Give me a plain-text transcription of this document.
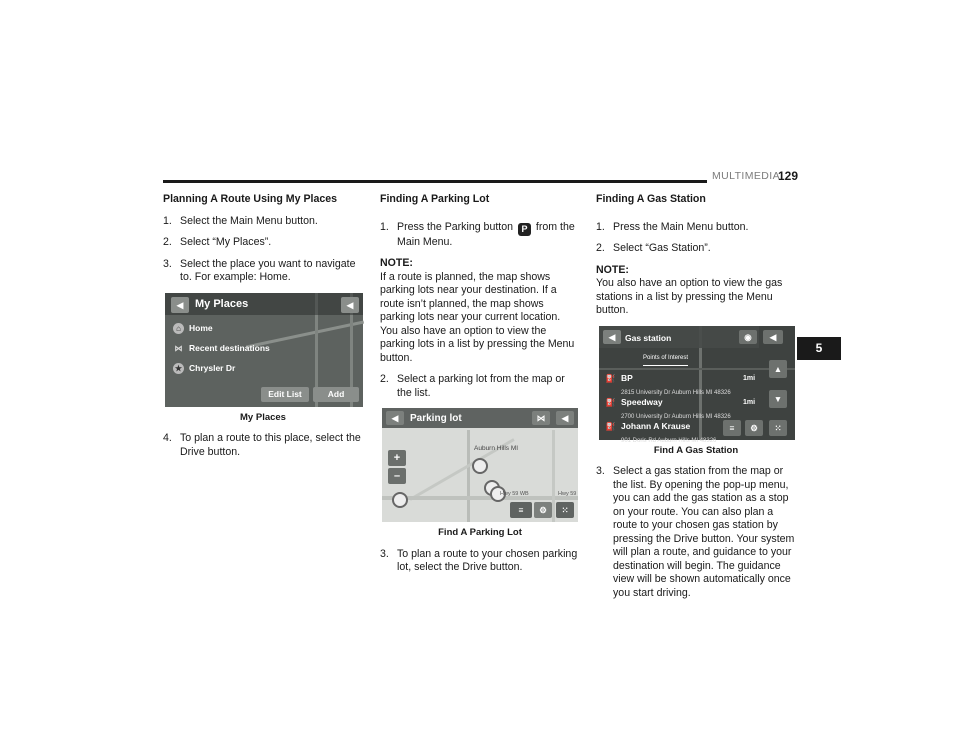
MULTIMEDIA
129
5

Planning A Route Using My Places

1. Select the Main Menu button.

2. Select “My Places”.

3. Select the place you want to navigate to. For example: Home.

◀	My Places	◀
⌂ Home
⋈ Recent destinations
★ Chrysler Dr
Edit List	Add
My Places

4. To plan a route to this place, select the Drive button.

Finding A Parking Lot

1. Press the Parking button P from the Main Menu.

NOTE:
If a route is planned, the map shows parking lots near your destination. If a route isn’t planned, the map shows parking lots near your current location. You also have an option to view the parking lots in a list by pressing the Menu button.

2. Select a parking lot from the map or the list.

◀	Parking lot	⋈	◀
Auburn Hills MI
+
–
Hwy 59 WB	Hwy 59
≡	⚙	⁙
Find A Parking Lot

3. To plan a route to your chosen parking lot, select the Drive button.

Finding A Gas Station

1. Press the Main Menu button.

2. Select “Gas Station”.

NOTE:
You also have an option to view the gas stations in a list by pressing the Menu button.

◀	Gas station
Points of Interest
◉	◀
⛽ BP
2815 University Dr Auburn Hills MI 48326
1mi
⛽ Speedway
2700 University Dr Auburn Hills MI 48326
1mi
⛽ Johann A Krause
901 Doris Rd Auburn Hills MI 48326
▲
▼
≡	⚙	⁙
Find A Gas Station

3. Select a gas station from the map or the list. By opening the pop-up menu, you can add the gas station as a stop on your route. You can also plan a route to your chosen gas station by pressing the Drive button. Your system will plan a route, and guidance to your destination will begin. The guidance view will be shown automatically once you start driving.
